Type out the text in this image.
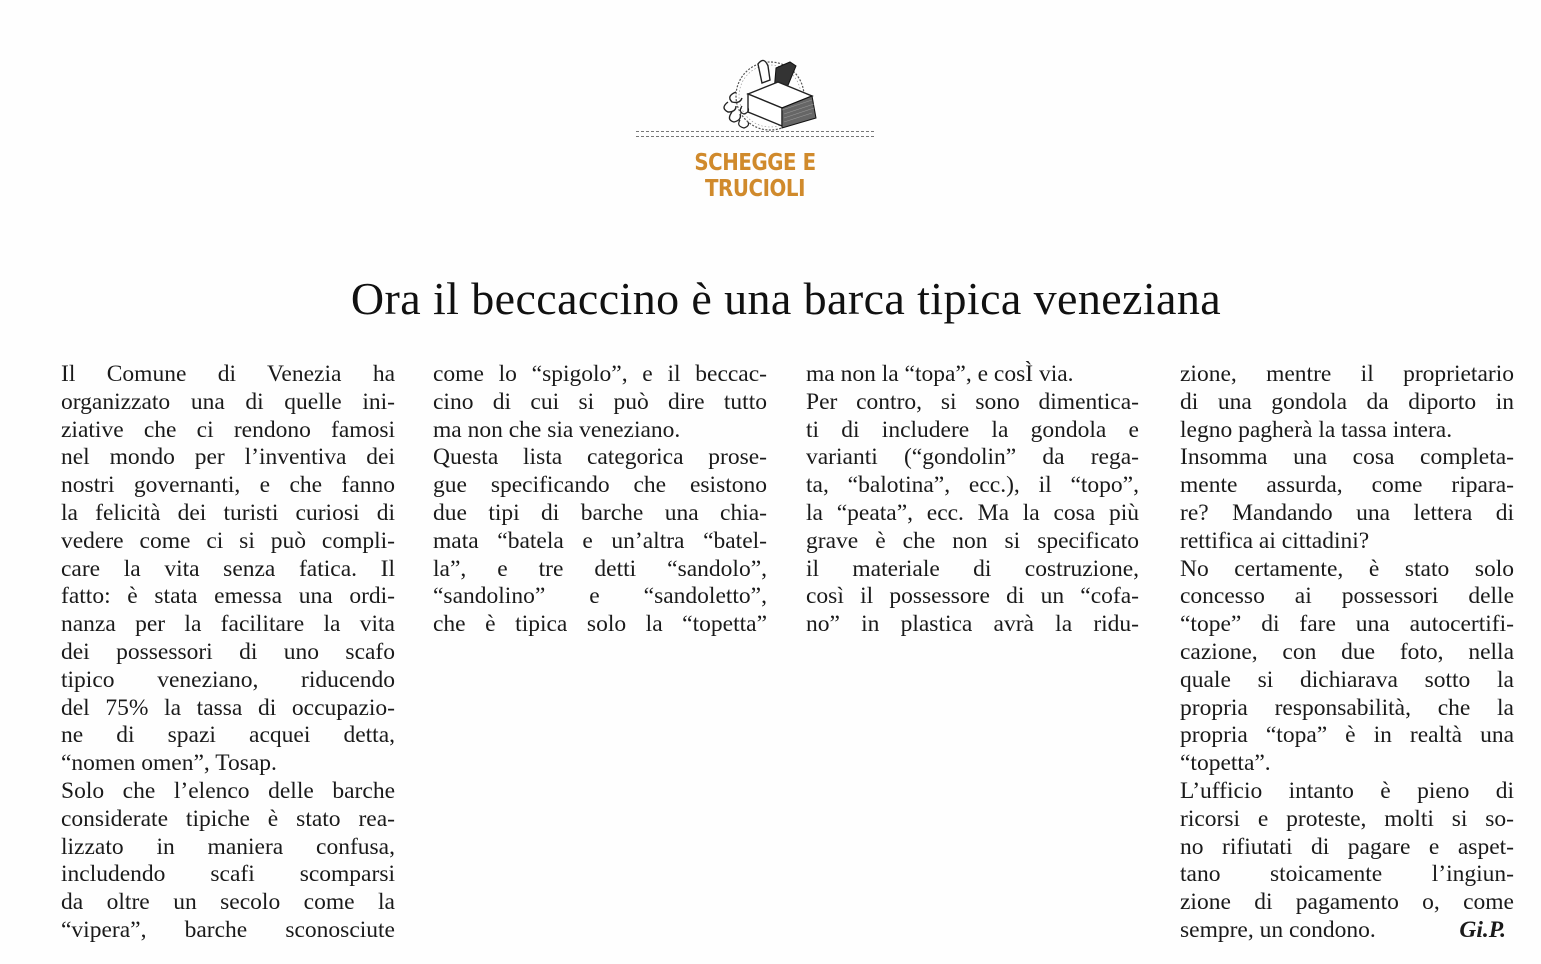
SCHEGGE E TRUCIOLI
Ora il beccaccino è una barca tipica veneziana
Il Comune di Venezia ha
organizzato una di quelle ini-
ziative che ci rendono famosi
nel mondo per l’inventiva dei
nostri governanti, e che fanno
la felicità dei turisti curiosi di
vedere come ci si può compli-
care la vita senza fatica. Il
fatto: è stata emessa una ordi-
nanza per la facilitare la vita
dei possessori di uno scafo
tipico veneziano, riducendo
del 75% la tassa di occupazio-
ne di spazi acquei detta,
“nomen omen”, Tosap.
Solo che l’elenco delle barche
considerate tipiche è stato rea-
lizzato in maniera confusa,
includendo scafi scomparsi
da oltre un secolo come la
“vipera”, barche sconosciute
come lo “spigolo”, e il beccac-
cino di cui si può dire tutto
ma non che sia veneziano.
Questa lista categorica prose-
gue specificando che esistono
due tipi di barche una chia-
mata “batela e un’altra “batel-
la”, e tre detti “sandolo”,
“sandolino” e “sandoletto”,
che è tipica solo la “topetta”
ma non la “topa”, e cosÌ via.
Per contro, si sono dimentica-
ti di includere la gondola e
varianti (“gondolin” da rega-
ta, “balotina”, ecc.), il “topo”,
la “peata”, ecc. Ma la cosa più
grave è che non si specificato
il materiale di costruzione,
così il possessore di un “cofa-
no” in plastica avrà la ridu-
zione, mentre il proprietario
di una gondola da diporto in
legno pagherà la tassa intera.
Insomma una cosa completa-
mente assurda, come ripara-
re? Mandando una lettera di
rettifica ai cittadini?
No certamente, è stato solo
concesso ai possessori delle
“tope” di fare una autocertifi-
cazione, con due foto, nella
quale si dichiarava sotto la
propria responsabilità, che la
propria “topa” è in realtà una
“topetta”.
L’ufficio intanto è pieno di
ricorsi e proteste, molti si so-
no rifiutati di pagare e aspet-
tano stoicamente l’ingiun-
zione di pagamento o, come
sempre, un condono.	Gi.P.
